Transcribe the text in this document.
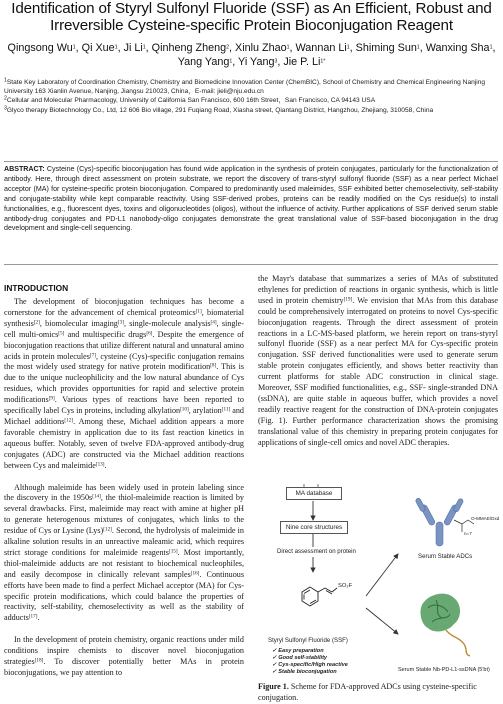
Identification of Styryl Sulfonyl Fluoride (SSF) as An Efficient, Robust and Irreversible Cysteine-specific Protein Bioconjugation Reagent
Qingsong Wu$^1$, Qi Xue$^1$, Ji Li$^1$, Qinheng Zheng$^2$, Xinlu Zhao$^1$, Wannan Li$^1$, Shiming Sun$^1$, Wanxing Sha$^1$, Yang Yang$^1$, Yi Yang$^3$, Jie P. $Li^{1*}$
$^1$State Key Laboratory of Coordination Chemistry, Chemistry and Biomedicine Innovation Center (ChemBIC), School of Chemistry and Chemical Engineering Nanjing University 163 Xianlin Avenue, Nanjing, Jiangsu 210023, China，E-mail: jieli@nju.edu.cn
$^2$Cellular and Molecular Pharmacology, University of California San Francisco, 600 16th Street，San Francisco, CA 94143 USA
$^3$Glyco therapy Biotechnology Co., Ltd, 12 606 Bio village, 291 Fuqiang Road, Xiasha street, Qiantang District, Hangzhou, Zhejiang, 310058, China
ABSTRACT: Cysteine (Cys)-specific bioconjugation has found wide application in the synthesis of protein conjugates, particularly for the functionalization of antibody. Here, through direct assessment on protein substrate, we report the discovery of trans-styryl sulfonyl fluoride (SSF) as a near perfect Michael acceptor (MA) for cysteine-specific protein bioconjugation. Compared to predominantly used maleimides, SSF exhibited better chemoselectivity, self-stability and conjugate-stability while kept comparable reactivity. Using SSF-derived probes, proteins can be readily modified on the Cys residue(s) to install functionalities, e.g., fluorescent dyes, toxins and oligonucleotides (oligos), without the influence of activity. Further applications of SSF derived serum stable antibody-drug conjugates and PD-L1 nanobody-oligo conjugates demonstrate the great translational value of SSF-based bioconjugation in the drug development and single-cell sequencing.
INTRODUCTION

The development of bioconjugation techniques has become a cornerstone for the advancement of chemical proteomics[1], biomaterial synthesis[2], biomolecular imaging[3], single-molecule analysis[4], single-cell multi-omics[5] and multispecific drugs[6]. Despite the emergence of bioconjugation reactions that utilize different natural and unnatural amino acids in protein molecules[7], cysteine (Cys)-specific conjugation remains the most widely used strategy for native protein modification[8]. This is due to the unique nucleophilicity and the low natural abundance of Cys residues, which provides opportunities for rapid and selective protein modifications[9]. Various types of reactions have been reported to specifically label Cys in proteins, including alkylation[10], arylation[11] and Michael additions[12]. Among these, Michael addition appears a more favorable chemistry in application due to its fast reaction kinetics in aqueous buffer. Notably, seven of twelve FDA-approved antibody-drug conjugates (ADC) are constructed via the Michael addition reactions between Cys and maleimide[13].

Although maleimide has been widely used in protein labeling since the discovery in the 1950s[14], the thiol-maleimide reaction is limited by several drawbacks. First, maleimide may react with amine at higher pH to generate heterogenous mixtures of conjugates, which links to the residue of Cys or Lysine (Lys)[12]. Second, the hydrolysis of maleimide in alkaline solution results in an unreactive maleamic acid, which requires strict storage conditions for maleimide reagents[15]. Most importantly, thiol-maleimide adducts are not resistant to biochemical nucleophiles, and easily decompose in clinically relevant samples[16]. Continuous efforts have been made to find a perfect Michael acceptor (MA) for Cys-specific protein modifications, which could balance the properties of reactivity, self-stability, chemoselectivity as well as the stability of adducts[17].

In the development of protein chemistry, organic reactions under mild conditions inspire chemists to discover novel bioconjugation strategies[18]. To discover potentially better MAs in protein bioconjugations, we pay attention to

the Mayr's database that summarizes a series of MAs of substituted ethylenes for prediction of reactions in organic synthesis, which is little used in protein chemistry[19]. We envision that MAs from this database could be comprehensively interrogated on proteins to novel Cys-specific bioconjugation reagents. Through the direct assessment of protein reactions in a LC-MS-based platform, we herein report on trans-styryl sulfonyl fluoride (SSF) as a near perfect MA for Cys-specific protein conjugation. SSF derived functionalities were used to generate serum stable protein conjugates efficiently, and shows better reactivity than current platforms for stable ADC construction in clinical stage. Moreover, SSF modified functionalities, e.g., SSF- single-stranded DNA (ssDNA), are quite stable in aqueous buffer, which provides a novel readily reactive reagent for the construction of DNA-protein conjugates (Fig. 1). Further performance characterization shows the promising translational value of this chemistry in preparing protein conjugates for applications of single-cell omics and novel ADC therapies.

MA database
Nine core structures
Direct assessment on protein
SO₂F
Styryl Sulfonyl Fluoride (SSF)
✓ Easy preparation
✓ Good self-stability
✓ Cys-specific/High reactive
✓ Stable bioconjugation
O-MMAE/Dxd
n=7
Serum Stable ADCs
Serum Stable Nb-PD-L1-ssDNA (5'bt)
Figure 1. Scheme for FDA-approved ADCs using cysteine-specific conjugation.
